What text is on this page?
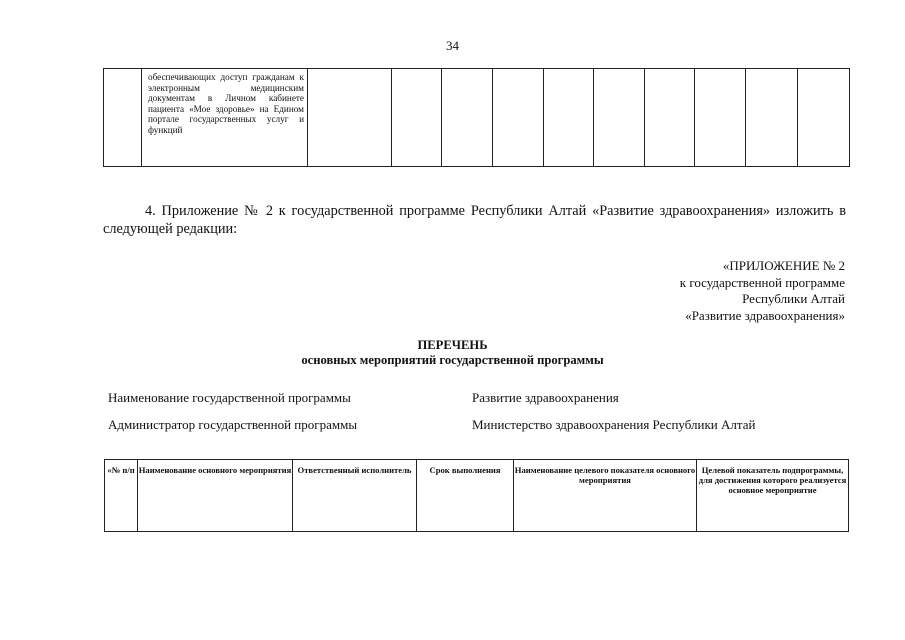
34

обеспечивающих доступ гражданам к электронным медицинским документам в Личном кабинете пациента «Мое здоровье» на Едином портале государственных услуг и функций

4. Приложение № 2 к государственной программе Республики Алтай «Развитие здравоохранения» изложить в следующей редакции:
«ПРИЛОЖЕНИЕ № 2
к государственной программе
Республики Алтай
«Развитие здравоохранения»
ПЕРЕЧЕНЬ
основных мероприятий государственной программы
Наименование государственной программы	Развитие здравоохранения
Администратор государственной программы	Министерство здравоохранения Республики Алтай
«№ п/п	Наименование основного мероприятия	Ответственный исполнитель	Срок выполнения	Наименование целевого показателя основного мероприятия	Целевой показатель подпрограммы, для достижения которого реализуется основное мероприятие
